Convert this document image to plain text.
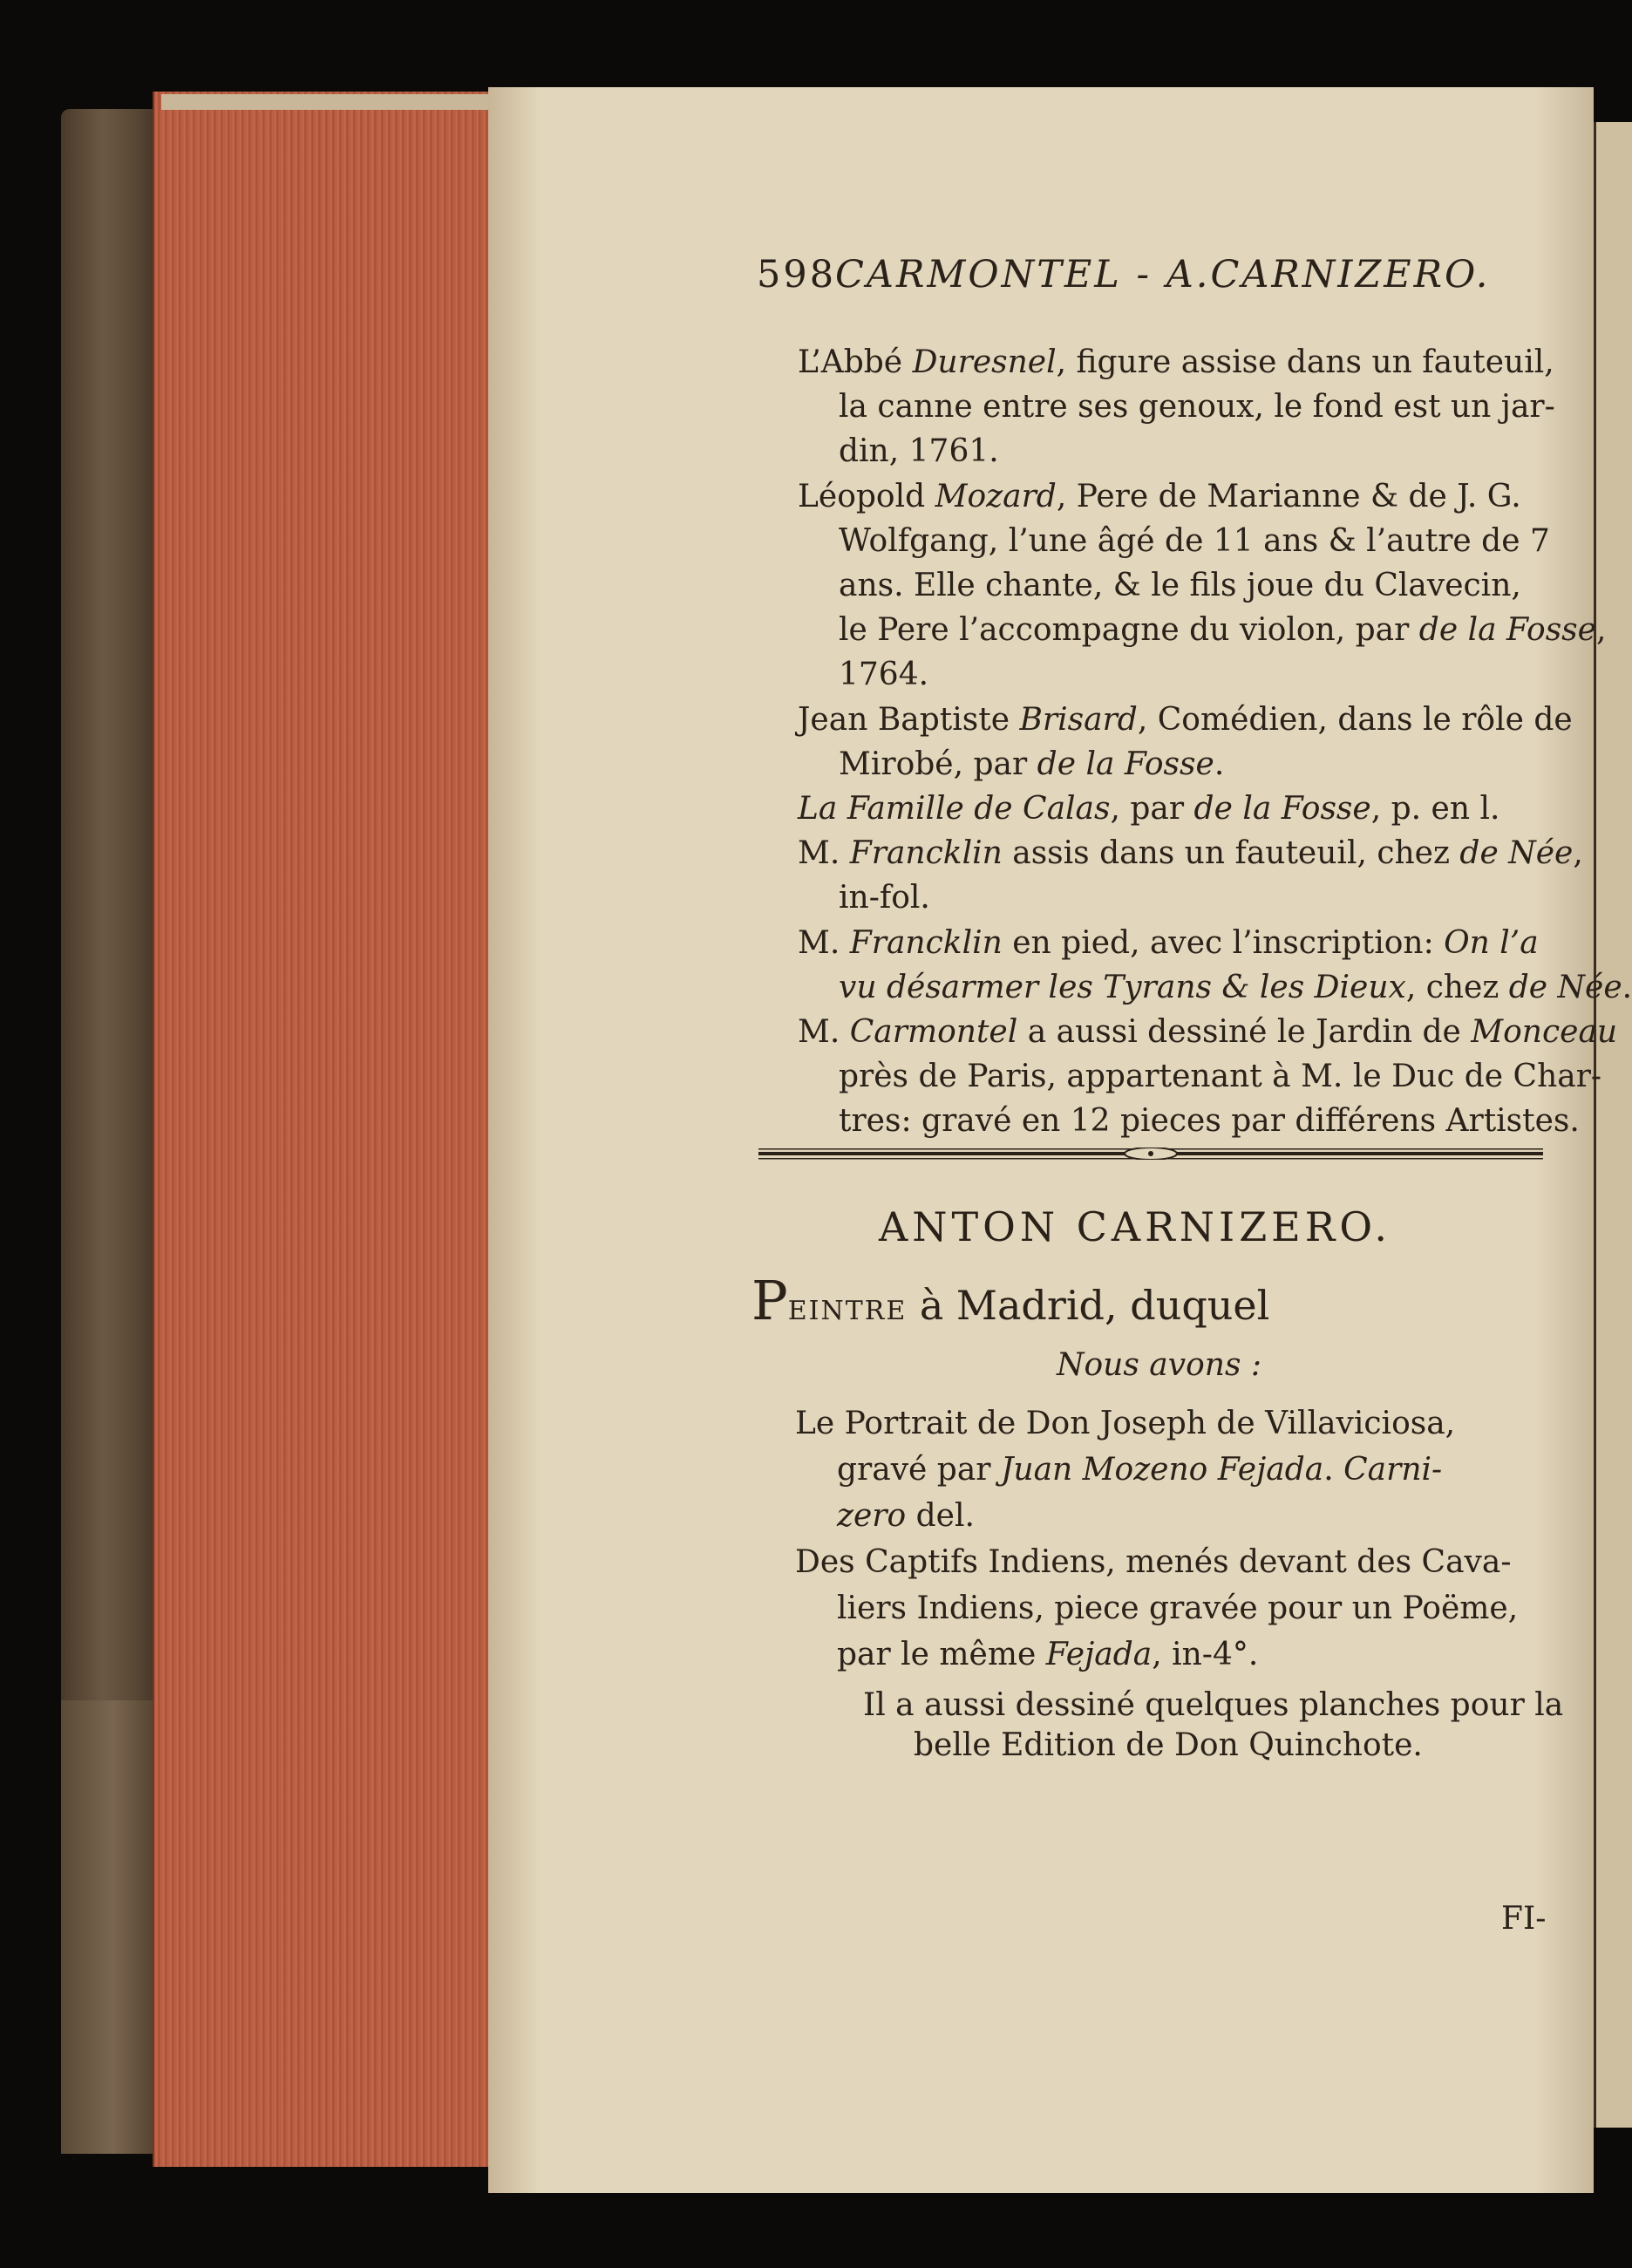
598
CARMONTEL - A.CARNIZERO.
L’Abbé Duresnel, figure assise dans un fauteuil,
la canne entre ses genoux, le fond est un jar-
din, 1761.
Léopold Mozard, Pere de Marianne & de J. G.
Wolfgang, l’une âgé de 11 ans & l’autre de 7
ans. Elle chante, & le fils joue du Clavecin,
le Pere l’accompagne du violon, par de la Fosse,
1764.
Jean Baptiste Brisard, Comédien, dans le rôle de
Mirobé, par de la Fosse.
La Famille de Calas, par de la Fosse, p. en l.
M. Francklin assis dans un fauteuil, chez de Née,
in-fol.
M. Francklin en pied, avec l’inscription: On l’a
vu désarmer les Tyrans & les Dieux, chez de Née.
M. Carmontel a aussi dessiné le Jardin de Monceau
près de Paris, appartenant à M. le Duc de Char-
tres: gravé en 12 pieces par différens Artistes.
ANTON CARNIZERO.
PEINTRE à Madrid, duquel
Nous avons :
Le Portrait de Don Joseph de Villaviciosa,
gravé par Juan Mozeno Fejada. Carni-
zero del.
Des Captifs Indiens, menés devant des Cava-
liers Indiens, piece gravée pour un Poëme,
par le même Fejada, in-4°.
Il a aussi dessiné quelques planches pour la
belle Edition de Don Quinchote.
FI-
